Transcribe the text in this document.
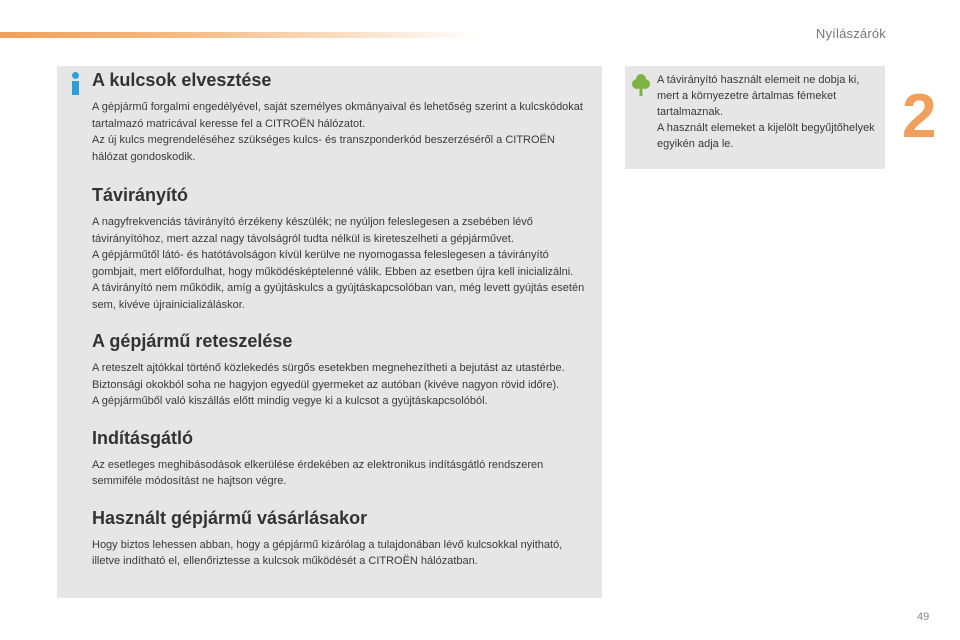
Nyílászárók
2
A kulcsok elvesztése

A gépjármű forgalmi engedélyével, saját személyes okmányaival és lehetőség szerint a kulcskódokat tartalmazó matricával keresse fel a CITROËN hálózatot.

Az új kulcs megrendeléséhez szükséges kulcs- és transzponderkód beszerzéséről a CITROËN hálózat gondoskodik.

Távirányító

A nagyfrekvenciás távirányító érzékeny készülék; ne nyúljon feleslegesen a zsebében lévő távirányítóhoz, mert azzal nagy távolságról tudta nélkül is kireteszelheti a gépjárművet.

A gépjárműtől látó- és hatótávolságon kívül kerülve ne nyomogassa feleslegesen a távirányító gombjait, mert előfordulhat, hogy működésképtelenné válik. Ebben az esetben újra kell inicializálni.

A távirányító nem működik, amíg a gyújtáskulcs a gyújtáskapcsolóban van, még levett gyújtás esetén sem, kivéve újrainicializáláskor.

A gépjármű reteszelése

A reteszelt ajtókkal történő közlekedés sürgős esetekben megnehezítheti a bejutást az utastérbe.

Biztonsági okokból soha ne hagyjon egyedül gyermeket az autóban (kivéve nagyon rövid időre).

A gépjárműből való kiszállás előtt mindig vegye ki a kulcsot a gyújtáskapcsolóból.

Indításgátló

Az esetleges meghibásodások elkerülése érdekében az elektronikus indításgátló rendszeren semmiféle módosítást ne hajtson végre.

Használt gépjármű vásárlásakor

Hogy biztos lehessen abban, hogy a gépjármű kizárólag a tulajdonában lévő kulcsokkal nyitható, illetve indítható el, ellenőriztesse a kulcsok működését a CITROËN hálózatban.

A távirányító használt elemeit ne dobja ki, mert a környezetre ártalmas fémeket tartalmaznak.

A használt elemeket a kijelölt begyűjtőhelyek egyikén adja le.

49
